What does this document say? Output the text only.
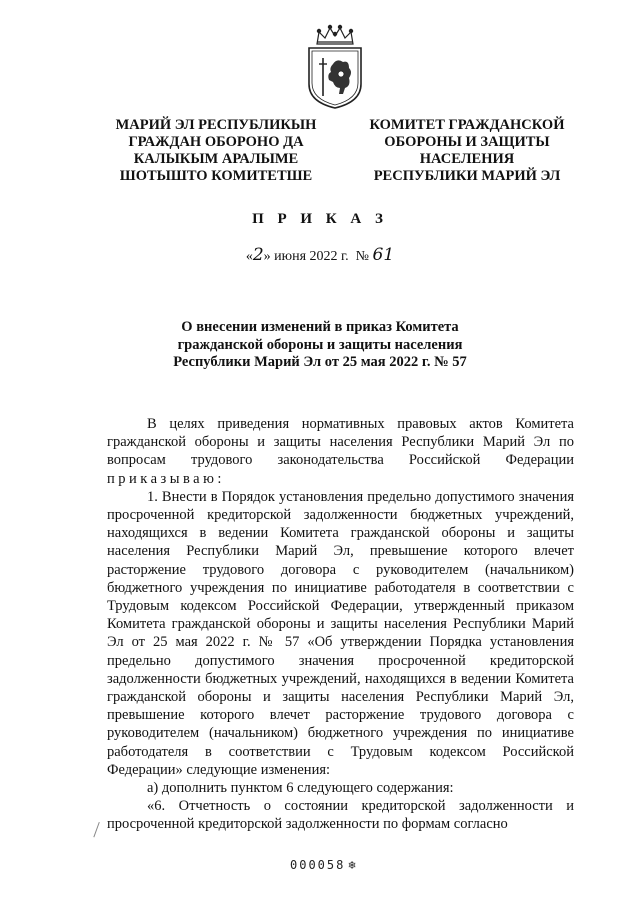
МАРИЙ ЭЛ РЕСПУБЛИКЫН
ГРАЖДАН ОБОРОНО ДА
КАЛЫКЫМ АРАЛЫМЕ
ШОТЫШТО КОМИТЕТШЕ
КОМИТЕТ ГРАЖДАНСКОЙ
ОБОРОНЫ И ЗАЩИТЫ
НАСЕЛЕНИЯ
РЕСПУБЛИКИ МАРИЙ ЭЛ
П Р И К А З
«2» июня 2022 г.  № 61
О внесении изменений в приказ Комитета
гражданской обороны и защиты населения
Республики Марий Эл от 25 мая 2022 г. № 57

В целях приведения нормативных правовых актов Комитета гражданской обороны и защиты населения Республики Марий Эл по вопросам трудового законодательства Российской Федерации приказываю:

1. Внести в Порядок установления предельно допустимого значения просроченной кредиторской задолженности бюджетных учреждений, находящихся в ведении Комитета гражданской обороны и защиты населения Республики Марий Эл, превышение которого влечет расторжение трудового договора с руководителем (начальником) бюджетного учреждения по инициативе работодателя в соответствии с Трудовым кодексом Российской Федерации, утвержденный приказом Комитета гражданской обороны и защиты населения Республики Марий Эл от 25 мая 2022 г. № 57 «Об утверждении Порядка установления предельно допустимого значения просроченной кредиторской задолженности бюджетных учреждений, находящихся в ведении Комитета гражданской обороны и защиты населения Республики Марий Эл, превышение которого влечет расторжение трудового договора с руководителем (начальником) бюджетного учреждения по инициативе работодателя в соответствии с Трудовым кодексом Российской Федерации» следующие изменения:

а) дополнить пунктом 6 следующего содержания:

«6. Отчетность о состоянии кредиторской задолженности и просроченной кредиторской задолженности по формам согласно

000058 ❄
